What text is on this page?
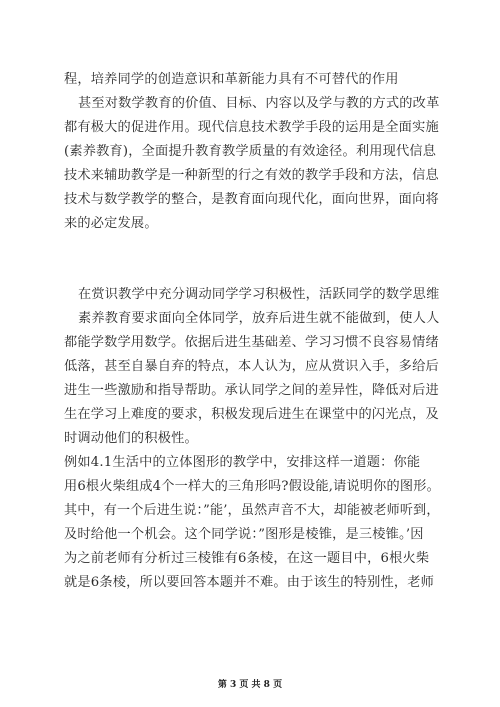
程，培养同学的创造意识和革新能力具有不可替代的作用
甚至对数学教育的价值、目标、内容以及学与教的方式的改革
都有极大的促进作用。现代信息技术教学手段的运用是全面实施
(素养教育)，全面提升教育教学质量的有效途径。利用现代信息
技术来辅助教学是一种新型的行之有效的教学手段和方法，信息
技术与数学教学的整合，是教育面向现代化，面向世界，面向将
来的必定发展。
在赏识教学中充分调动同学学习积极性，活跃同学的数学思维
素养教育要求面向全体同学，放弃后进生就不能做到，使人人
都能学数学用数学。依据后进生基础差、学习习惯不良容易情绪
低落，甚至自暴自弃的特点，本人认为，应从赏识入手，多给后
进生一些激励和指导帮助。承认同学之间的差异性，降低对后进
生在学习上难度的要求，积极发现后进生在课堂中的闪光点，及
时调动他们的积极性。
例如4.1生活中的立体图形的教学中，安排这样一道题：你能
用6根火柴组成4个一样大的三角形吗?假设能,请说明你的图形。
其中，有一个后进生说：”能’，虽然声音不大，却能被老师听到，
及时给他一个机会。这个同学说：”图形是棱锥，是三棱锥。’因
为之前老师有分析过三棱锥有6条棱，在这一题目中，6根火柴
就是6条棱，所以要回答本题并不难。由于该生的特别性，老师
第 3 页 共 8 页
